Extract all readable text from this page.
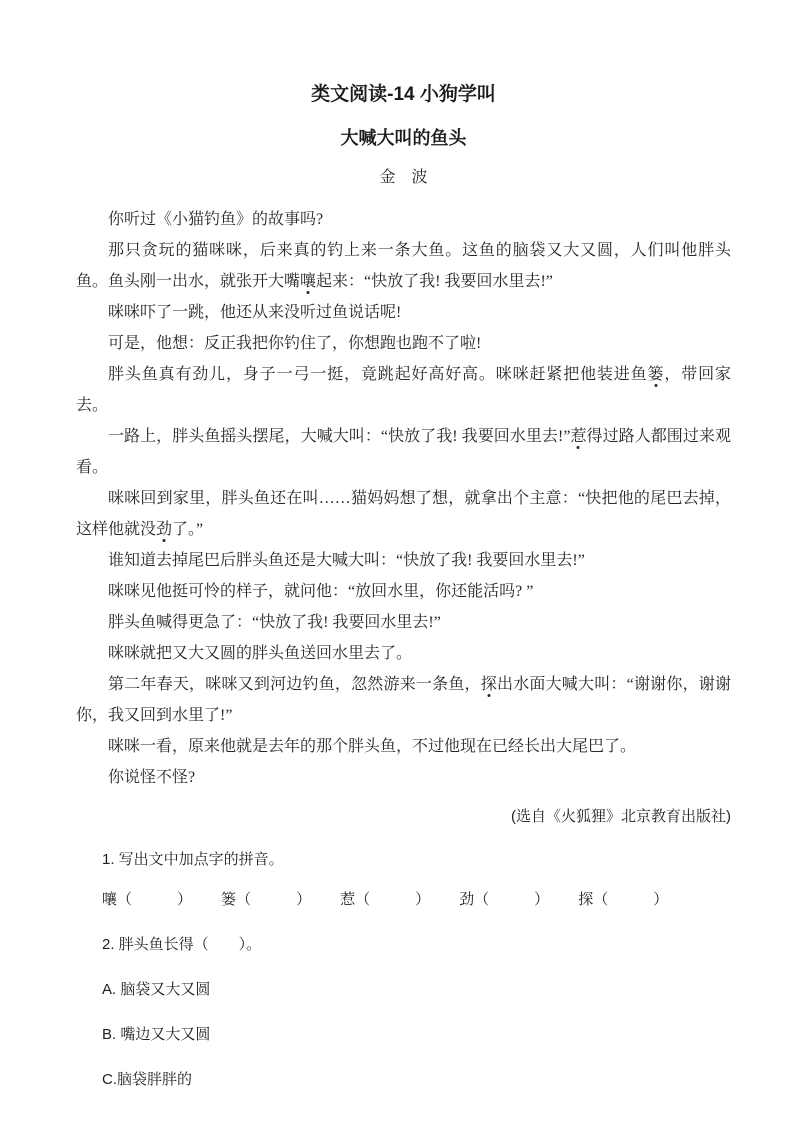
类文阅读-14 小狗学叫
大喊大叫的鱼头
金　波

你听过《小猫钓鱼》的故事吗?

那只贪玩的猫咪咪，后来真的钓上来一条大鱼。这鱼的脑袋又大又圆，人们叫他胖头鱼。鱼头刚一出水，就张开大嘴嚷起来：“快放了我! 我要回水里去!”

咪咪吓了一跳，他还从来没听过鱼说话呢!

可是，他想：反正我把你钓住了，你想跑也跑不了啦!

胖头鱼真有劲儿，身子一弓一挺，竟跳起好高好高。咪咪赶紧把他装进鱼篓，带回家去。

一路上，胖头鱼摇头摆尾，大喊大叫：“快放了我! 我要回水里去!”惹得过路人都围过来观看。

咪咪回到家里，胖头鱼还在叫……猫妈妈想了想，就拿出个主意：“快把他的尾巴去掉，这样他就没劲了。”

谁知道去掉尾巴后胖头鱼还是大喊大叫：“快放了我! 我要回水里去!”

咪咪见他挺可怜的样子，就问他：“放回水里，你还能活吗? ”

胖头鱼喊得更急了：“快放了我! 我要回水里去!”

咪咪就把又大又圆的胖头鱼送回水里去了。

第二年春天，咪咪又到河边钓鱼，忽然游来一条鱼，探出水面大喊大叫：“谢谢你，谢谢你，我又回到水里了!”

咪咪一看，原来他就是去年的那个胖头鱼，不过他现在已经长出大尾巴了。

你说怪不怪?

(选自《火狐狸》北京教育出版社)
1. 写出文中加点字的拼音。
嚷（	） 篓（	） 惹（	） 劲（	） 探（	）
2. 胖头鱼长得（　　）。
A. 脑袋又大又圆
B. 嘴边又大又圆
C.脑袋胖胖的
